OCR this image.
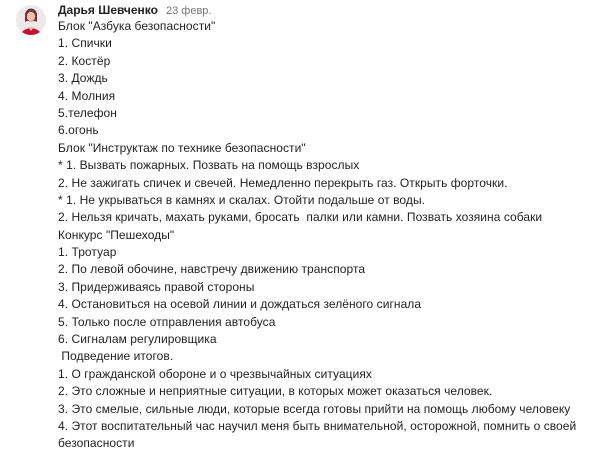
Дарья Шевченко 23 февр.
Блок "Азбука безопасности"
1. Спички
2. Костёр
3. Дождь
4. Молния
5.телефон
6.огонь
Блок "Инструктаж по технике безопасности"
* 1. Вызвать пожарных. Позвать на помощь взрослых
2. Не зажигать спичек и свечей. Немедленно перекрыть газ. Открыть форточки.
* 1. Не укрываться в камнях и скалах. Отойти подальше от воды.
2. Нельзя кричать, махать руками, бросать  палки или камни. Позвать хозяина собаки
Конкурс "Пешеходы"
1. Тротуар
2. По левой обочине, навстречу движению транспорта
3. Придерживаясь правой стороны
4. Остановиться на осевой линии и дождаться зелёного сигнала
5. Только после отправления автобуса
6. Сигналам регулировщика
Подведение итогов.
1. О гражданской обороне и о чрезвычайных ситуациях
2. Это сложные и неприятные ситуации, в которых может оказаться человек.
3. Это смелые, сильные люди, которые всегда готовы прийти на помощь любому человеку
4. Этот воспитательный час научил меня быть внимательной, осторожной, помнить о своей
безопасности
